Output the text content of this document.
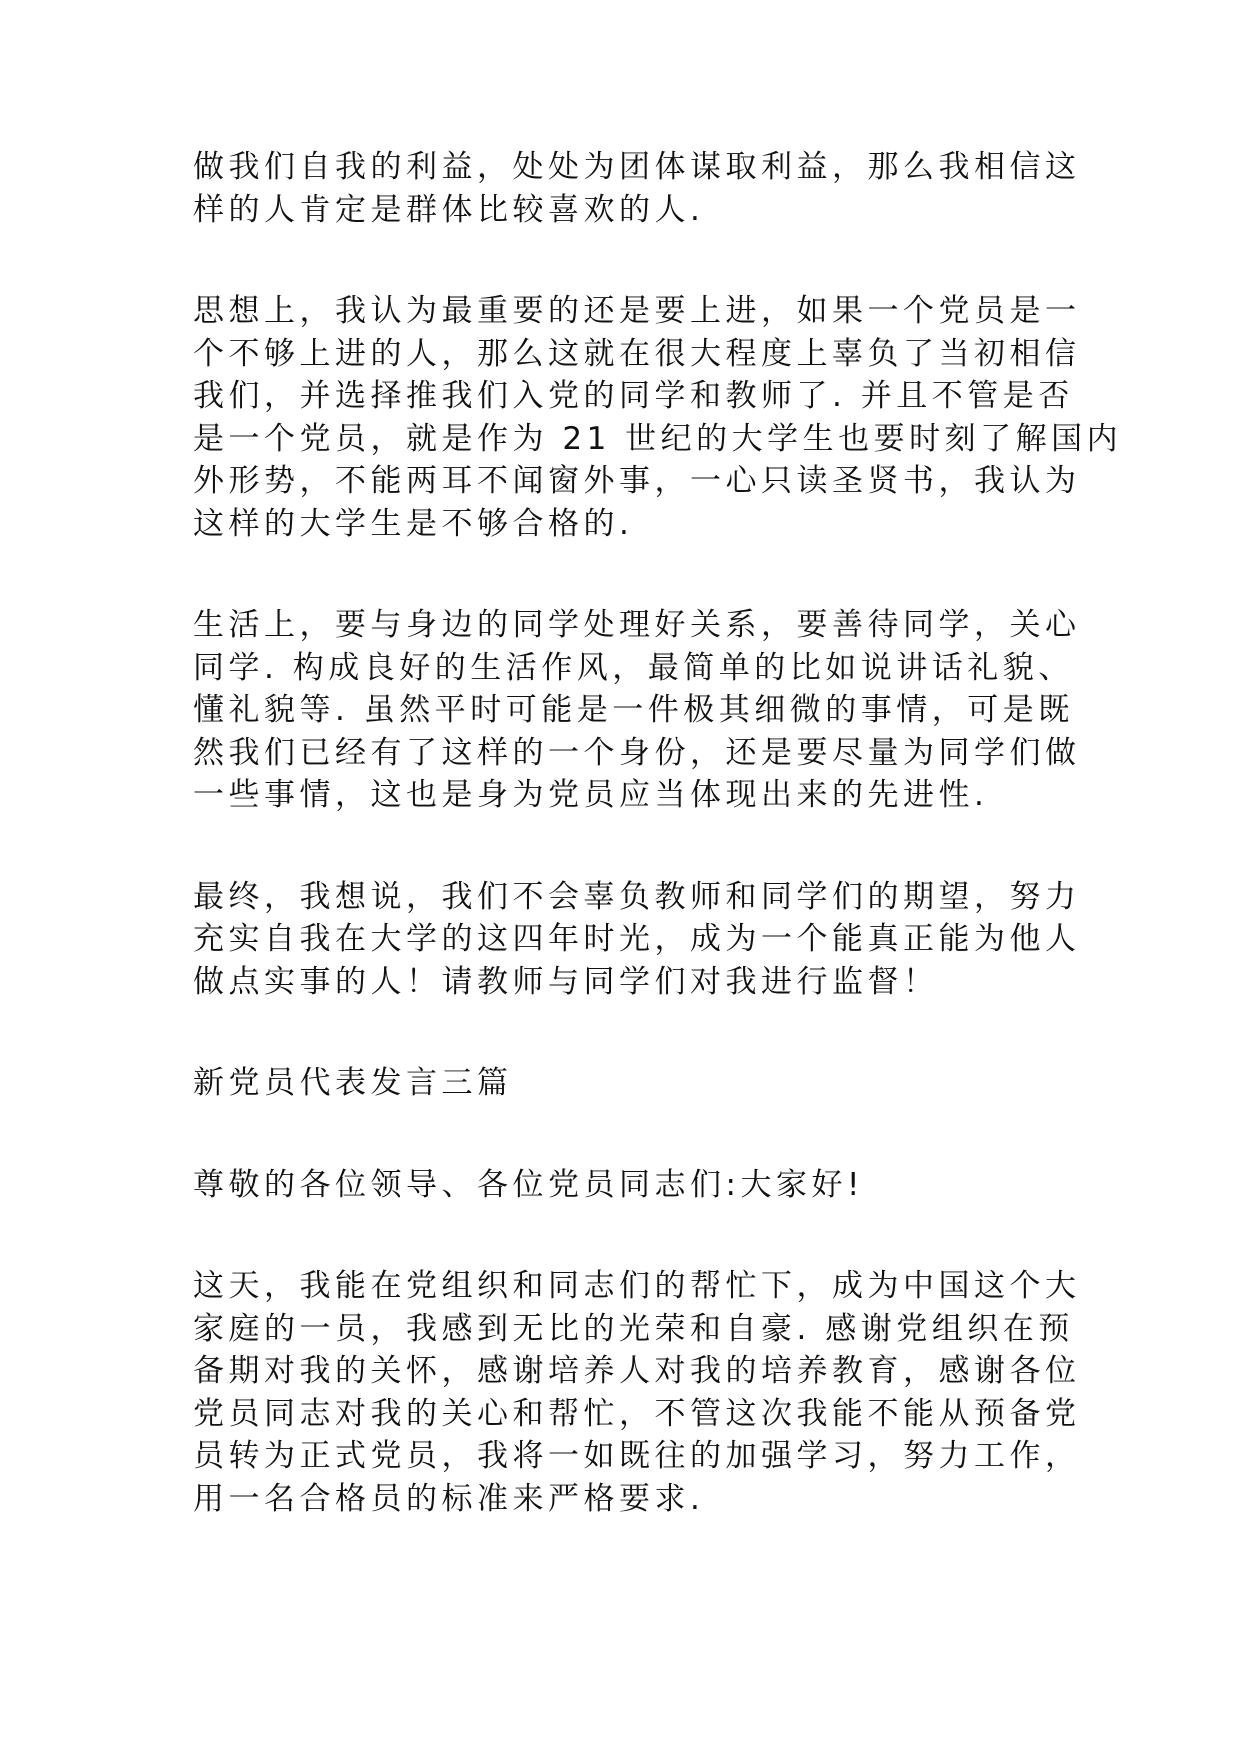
做我们自我的利益，处处为团体谋取利益，那么我相信这
样的人肯定是群体比较喜欢的人.

思想上，我认为最重要的还是要上进，如果一个党员是一
个不够上进的人，那么这就在很大程度上辜负了当初相信
我们，并选择推我们入党的同学和教师了. 并且不管是否
是一个党员，就是作为 21 世纪的大学生也要时刻了解国内
外形势，不能两耳不闻窗外事，一心只读圣贤书，我认为
这样的大学生是不够合格的.

生活上，要与身边的同学处理好关系，要善待同学，关心
同学. 构成良好的生活作风，最简单的比如说讲话礼貌、
懂礼貌等. 虽然平时可能是一件极其细微的事情，可是既
然我们已经有了这样的一个身份，还是要尽量为同学们做
一些事情，这也是身为党员应当体现出来的先进性.

最终，我想说，我们不会辜负教师和同学们的期望，努力
充实自我在大学的这四年时光，成为一个能真正能为他人
做点实事的人！请教师与同学们对我进行监督！

新党员代表发言三篇

尊敬的各位领导、各位党员同志们:大家好!

这天，我能在党组织和同志们的帮忙下，成为中国这个大
家庭的一员，我感到无比的光荣和自豪. 感谢党组织在预
备期对我的关怀，感谢培养人对我的培养教育，感谢各位
党员同志对我的关心和帮忙，不管这次我能不能从预备党
员转为正式党员，我将一如既往的加强学习，努力工作，
用一名合格员的标准来严格要求.
